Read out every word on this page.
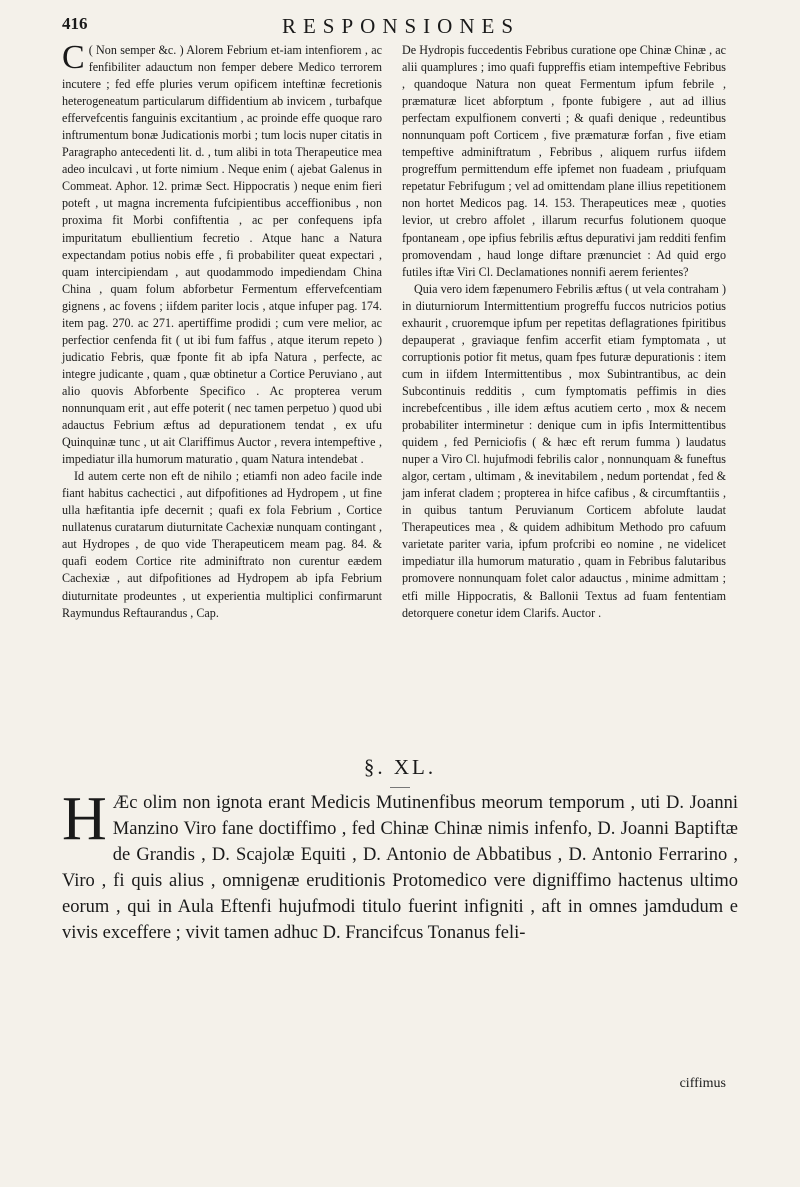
416	RESPONSIONES

C ( Non semper &c. ) Alorem Febrium et-iam intenfiorem , ac fenfibiliter adauctum non femper debere Medico terrorem incutere ; fed effe pluries verum opificem inteftinæ fecretionis heterogeneatum particularum diffidentium ab invicem , turbafque effervefcentis fanguinis excitantium , ac proinde effe quoque raro inftrumentum bonæ Judicationis morbi ; tum locis nuper citatis in Paragrapho antecedenti lit. d. , tum alibi in tota Therapeutice mea adeo inculcavi , ut forte nimium . Neque enim ( ajebat Galenus in Commeat. Aphor. 12. primæ Sect. Hippocratis ) neque enim fieri poteft , ut magna incrementa fufcipientibus acceffionibus , non proxima fit Morbi confiftentia , ac per confequens ipfa impuritatum ebullientium fecretio . Atque hanc a Natura expectandam potius nobis effe , fi probabiliter queat expectari , quam intercipiendam , aut quodammodo impediendam China China , quam folum abforbetur Fermentum effervefcentiam gignens , ac fovens ; iifdem pariter locis , atque infuper pag. 174. item pag. 270. ac 271. apertiffime prodidi ; cum vere melior, ac perfectior cenfenda fit ( ut ibi fum faffus , atque iterum repeto ) judicatio Febris, quæ fponte fit ab ipfa Natura , perfecte, ac integre judicante , quam , quæ obtinetur a Cortice Peruviano , aut alio quovis Abforbente Specifico . Ac propterea verum nonnunquam erit , aut effe poterit ( nec tamen perpetuo ) quod ubi adauctus Febrium æftus ad depurationem tendat , ex ufu Quinquinæ tunc , ut ait Clariffimus Auctor , revera intempeftive , impediatur illa humorum maturatio , quam Natura intendebat .

Id autem certe non eft de nihilo ; etiamfi non adeo facile inde fiant habitus cachectici , aut difpofitiones ad Hydropem , ut fine ulla hæfitantia ipfe decernit ; quafi ex fola Febrium , Cortice nullatenus curatarum diuturnitate Cachexiæ nunquam contingant , aut Hydropes , de quo vide Therapeuticem meam pag. 84. & quafi eodem Cortice rite adminiftrato non curentur eædem Cachexiæ , aut difpofitiones ad Hydropem ab ipfa Febrium diuturnitate prodeuntes , ut experientia multiplici confirmarunt Raymundus Reftaurandus , Cap.

De Hydropis fuccedentis Febribus curatione ope Chinæ Chinæ , ac alii quamplures ; imo quafi fuppreffis etiam intempeftive Febribus , quandoque Natura non queat Fermentum ipfum febrile , præmaturæ licet abforptum , fponte fubigere , aut ad illius perfectam expulfionem converti ; & quafi denique , redeuntibus nonnunquam poft Corticem , five præmaturæ forfan , five etiam tempeftive adminiftratum , Febribus , aliquem rurfus iifdem progreffum permittendum effe ipfemet non fuadeam , priufquam repetatur Febrifugum ; vel ad omittendam plane illius repetitionem non hortet Medicos pag. 14. 153. Therapeutices meæ , quoties levior, ut crebro affolet , illarum recurfus folutionem quoque fpontaneam , ope ipfius febrilis æftus depurativi jam redditi fenfim promovendam , haud longe diftare prænunciet : Ad quid ergo futiles iftæ Viri Cl. Declamationes nonnifi aerem ferientes?

Quia vero idem fæpenumero Febrilis æftus ( ut vela contraham ) in diuturniorum Intermittentium progreffu fuccos nutricios potius exhaurit , cruoremque ipfum per repetitas deflagrationes fpiritibus depauperat , graviaque fenfim accerfit etiam fymptomata , ut corruptionis potior fit metus, quam fpes futuræ depurationis : item cum in iifdem Intermittentibus , mox Subintrantibus, ac dein Subcontinuis redditis , cum fymptomatis peffimis in dies increbefcentibus , ille idem æftus acutiem certo , mox & necem probabiliter interminetur : denique cum in ipfis Intermittentibus quidem , fed Perniciofis ( & hæc eft rerum fumma ) laudatus nuper a Viro Cl. hujufmodi febrilis calor , nonnunquam & funeftus algor, certam , ultimam , & inevitabilem , nedum portendat , fed & jam inferat cladem ; propterea in hifce cafibus , & circumftantiis , in quibus tantum Peruvianum Corticem abfolute laudat Therapeutices mea , & quidem adhibitum Methodo pro cafuum varietate pariter varia, ipfum profcribi eo nomine , ne videlicet impediatur illa humorum maturatio , quam in Febribus falutaribus promovere nonnunquam folet calor adauctus , minime admittam ; etfi mille Hippocratis, & Ballonii Textus ad fuam fententiam detorquere conetur idem Clarifs. Auctor .

§. XL.
H Æc olim non ignota erant Medicis Mutinenfibus meorum temporum , uti D. Joanni Manzino Viro fane doctiffimo , fed Chinæ Chinæ nimis infenfo, D. Joanni Baptiftæ de Grandis , D. Scajolæ Equiti , D. Antonio de Abbatibus , D. Antonio Ferrarino , Viro , fi quis alius , omnigenæ eruditionis Protomedico vere digniffimo hactenus ultimo eorum , qui in Aula Eftenfi hujufmodi titulo fuerint infigniti , aft in omnes jamdudum e vivis exceffere ; vivit tamen adhuc D. Francifcus Tonanus feli-
ciffimus
